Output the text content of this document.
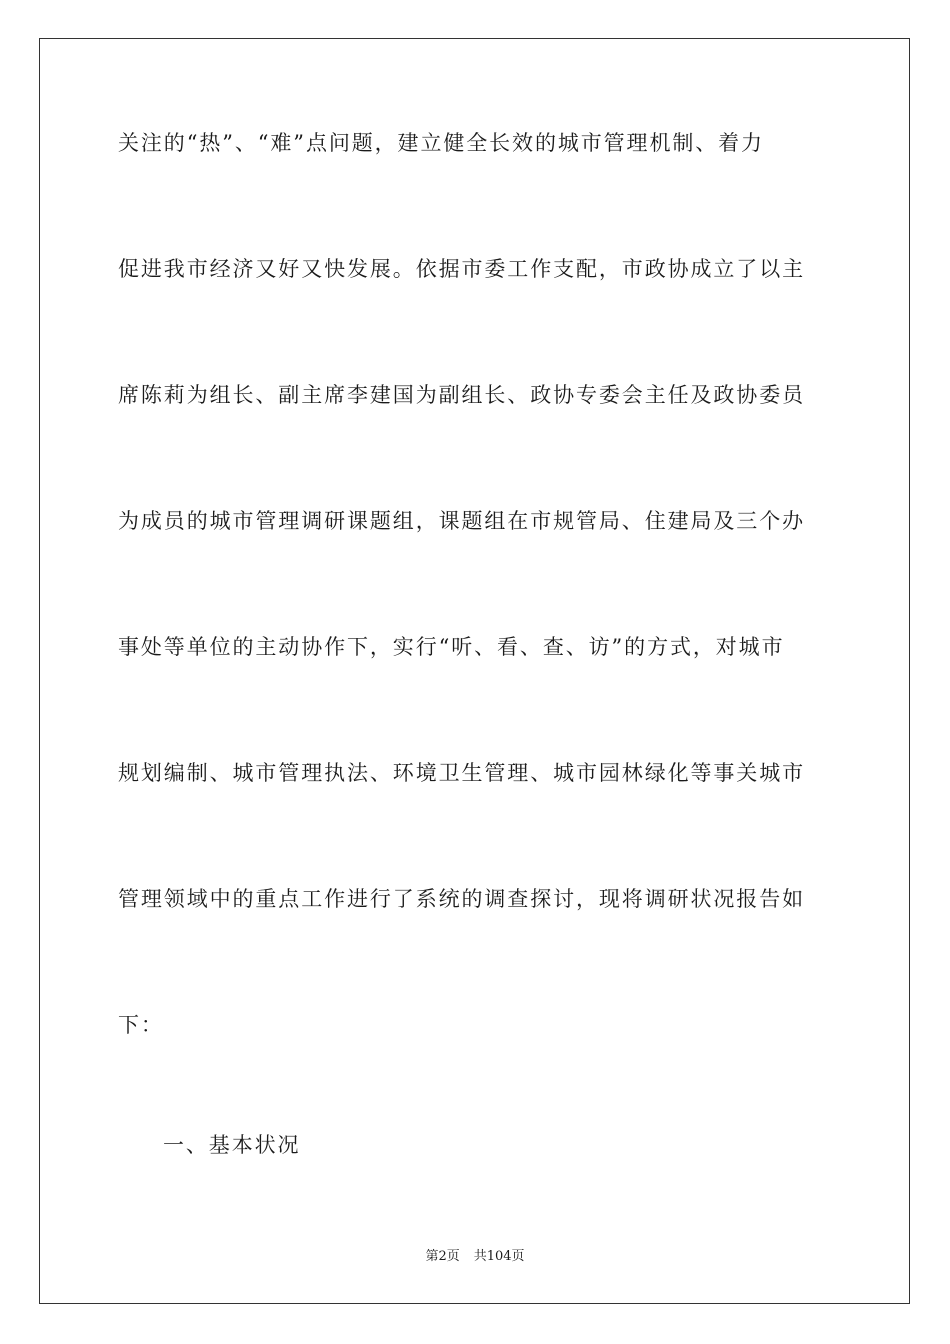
关注的“热”、“难”点问题，建立健全长效的城市管理机制、着力
促进我市经济又好又快发展。依据市委工作支配，市政协成立了以主
席陈莉为组长、副主席李建国为副组长、政协专委会主任及政协委员
为成员的城市管理调研课题组，课题组在市规管局、住建局及三个办
事处等单位的主动协作下，实行“听、看、查、访”的方式，对城市
规划编制、城市管理执法、环境卫生管理、城市园林绿化等事关城市
管理领域中的重点工作进行了系统的调查探讨，现将调研状况报告如
下：
一、基本状况
第2页 共104页
